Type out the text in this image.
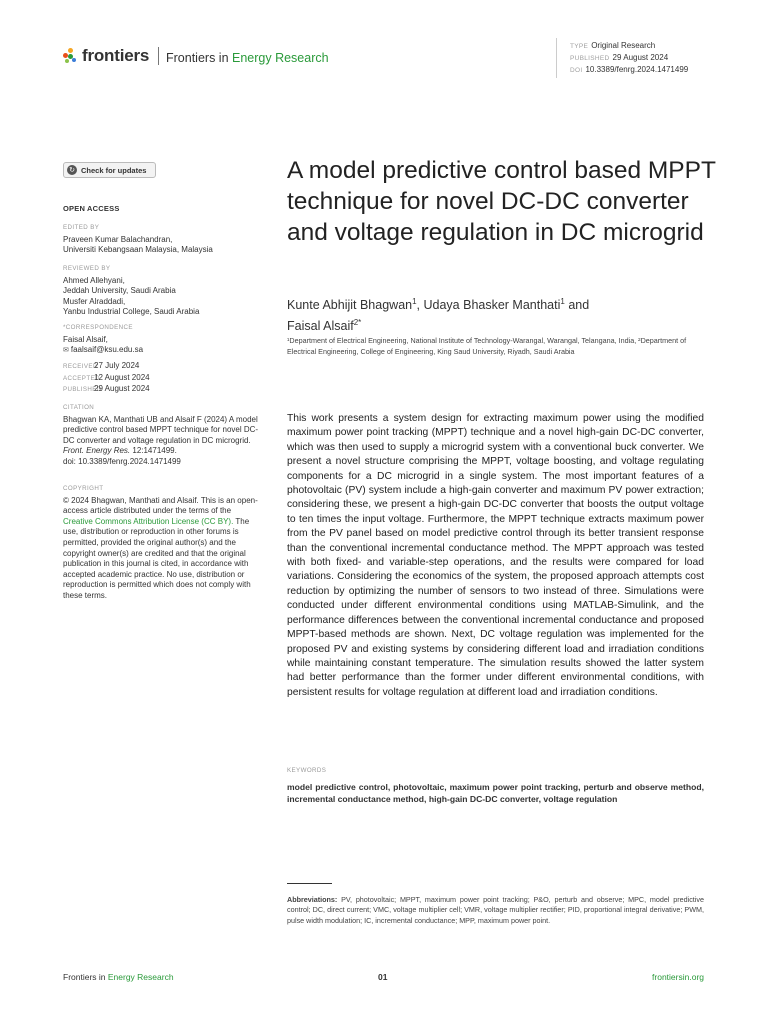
frontiers Frontiers in Energy Research
TYPE Original Research
PUBLISHED 29 August 2024
DOI 10.3389/fenrg.2024.1471499
↻ Check for updates
OPEN ACCESS
EDITED BY
Praveen Kumar Balachandran,
Universiti Kebangsaan Malaysia, Malaysia
REVIEWED BY
Ahmed Allehyani,
Jeddah University, Saudi Arabia
Musfer Alraddadi,
Yanbu Industrial College, Saudi Arabia
*CORRESPONDENCE
Faisal Alsaif,
✉ faalsaif@ksu.edu.sa
RECEIVED27 July 2024
ACCEPTED12 August 2024
PUBLISHED29 August 2024
CITATION
Bhagwan KA, Manthati UB and Alsaif F (2024) A model predictive control based MPPT technique for novel DC-DC converter and voltage regulation in DC microgrid.
Front. Energy Res. 12:1471499.
doi: 10.3389/fenrg.2024.1471499
COPYRIGHT
© 2024 Bhagwan, Manthati and Alsaif. This is an open-access article distributed under the terms of the Creative Commons Attribution License (CC BY). The use, distribution or reproduction in other forums is permitted, provided the original author(s) and the copyright owner(s) are credited and that the original publication in this journal is cited, in accordance with accepted academic practice. No use, distribution or reproduction is permitted which does not comply with these terms.
A model predictive control based MPPT technique for novel DC-DC converter and voltage regulation in DC microgrid
Kunte Abhijit Bhagwan$^1$, Udaya Bhasker Manthati$^1$ and
Faisal Alsaif$^{2*}$
¹Department of Electrical Engineering, National Institute of Technology-Warangal, Warangal, Telangana, India, ²Department of Electrical Engineering, College of Engineering, King Saud University, Riyadh, Saudi Arabia
This work presents a system design for extracting maximum power using the modified maximum power point tracking (MPPT) technique and a novel high-gain DC-DC converter, which was then used to supply a microgrid system with a conventional buck converter. We present a novel structure comprising the MPPT, voltage boosting, and voltage regulating components for a DC microgrid in a single system. The most important features of a photovoltaic (PV) system include a high-gain converter and maximum PV power extraction; considering these, we present a high-gain DC-DC converter that boosts the output voltage to ten times the input voltage. Furthermore, the MPPT technique extracts maximum power from the PV panel based on model predictive control through its better transient response than the conventional incremental conductance method. The MPPT approach was tested with both fixed- and variable-step operations, and the results were compared for load variations. Considering the economics of the system, the proposed approach attempts cost reduction by optimizing the number of sensors to two instead of three. Simulations were conducted under different environmental conditions using MATLAB-Simulink, and the performance differences between the conventional incremental conductance and proposed MPPT-based methods are shown. Next, DC voltage regulation was implemented for the proposed PV and existing systems by considering different load and irradiation conditions while maintaining constant temperature. The simulation results showed the latter system had better performance than the former under different environmental conditions, with persistent results for voltage regulation at different load and irradiation conditions.
KEYWORDS
model predictive control, photovoltaic, maximum power point tracking, perturb and observe method, incremental conductance method, high-gain DC-DC converter, voltage regulation
Abbreviations: PV, photovoltaic; MPPT, maximum power point tracking; P&O, perturb and observe; MPC, model predictive control; DC, direct current; VMC, voltage multiplier cell; VMR, voltage multiplier rectifier; PID, proportional integral derivative; PWM, pulse width modulation; IC, incremental conductance; MPP, maximum power point.
Frontiers in Energy Research	01	frontiersin.org
